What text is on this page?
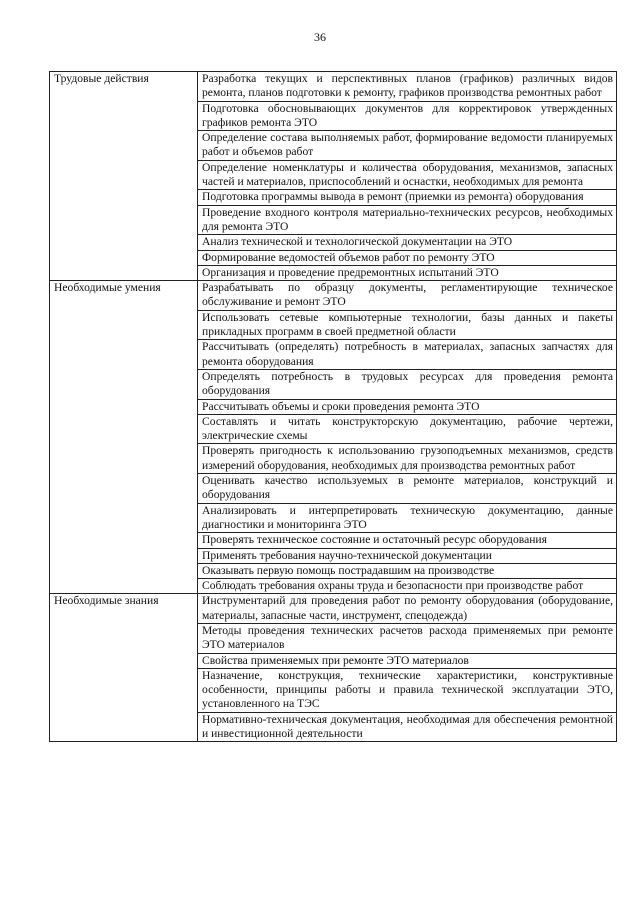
36
Трудовые действия	Разработка текущих и перспективных планов (графиков) различных видов ремонта, планов подготовки к ремонту, графиков производства ремонтных работ
	Подготовка обосновывающих документов для корректировок утвержденных графиков ремонта ЭТО
	Определение состава выполняемых работ, формирование ведомости планируемых работ и объемов работ
	Определение номенклатуры и количества оборудования, механизмов, запасных частей и материалов, приспособлений и оснастки, необходимых для ремонта
	Подготовка программы вывода в ремонт (приемки из ремонта) оборудования
	Проведение входного контроля материально-технических ресурсов, необходимых для ремонта ЭТО
	Анализ технической и технологической документации на ЭТО
	Формирование ведомостей объемов работ по ремонту ЭТО
	Организация и проведение предремонтных испытаний ЭТО
Необходимые умения	Разрабатывать по образцу документы, регламентирующие техническое обслуживание и ремонт ЭТО
	Использовать сетевые компьютерные технологии, базы данных и пакеты прикладных программ в своей предметной области
	Рассчитывать (определять) потребность в материалах, запасных запчастях для ремонта оборудования
	Определять потребность в трудовых ресурсах для проведения ремонта оборудования
	Рассчитывать объемы и сроки проведения ремонта ЭТО
	Составлять и читать конструкторскую документацию, рабочие чертежи, электрические схемы
	Проверять пригодность к использованию грузоподъемных механизмов, средств измерений оборудования, необходимых для производства ремонтных работ
	Оценивать качество используемых в ремонте материалов, конструкций и оборудования
	Анализировать и интерпретировать техническую документацию, данные диагностики и мониторинга ЭТО
	Проверять техническое состояние и остаточный ресурс оборудования
	Применять требования научно-технической документации
	Оказывать первую помощь пострадавшим на производстве
	Соблюдать требования охраны труда и безопасности при производстве работ
Необходимые знания	Инструментарий для проведения работ по ремонту оборудования (оборудование, материалы, запасные части, инструмент, спецодежда)
	Методы проведения технических расчетов расхода применяемых при ремонте ЭТО материалов
	Свойства применяемых при ремонте ЭТО материалов
	Назначение, конструкция, технические характеристики, конструктивные особенности, принципы работы и правила технической эксплуатации ЭТО, установленного на ТЭС
	Нормативно-техническая документация, необходимая для обеспечения ремонтной и инвестиционной деятельности
